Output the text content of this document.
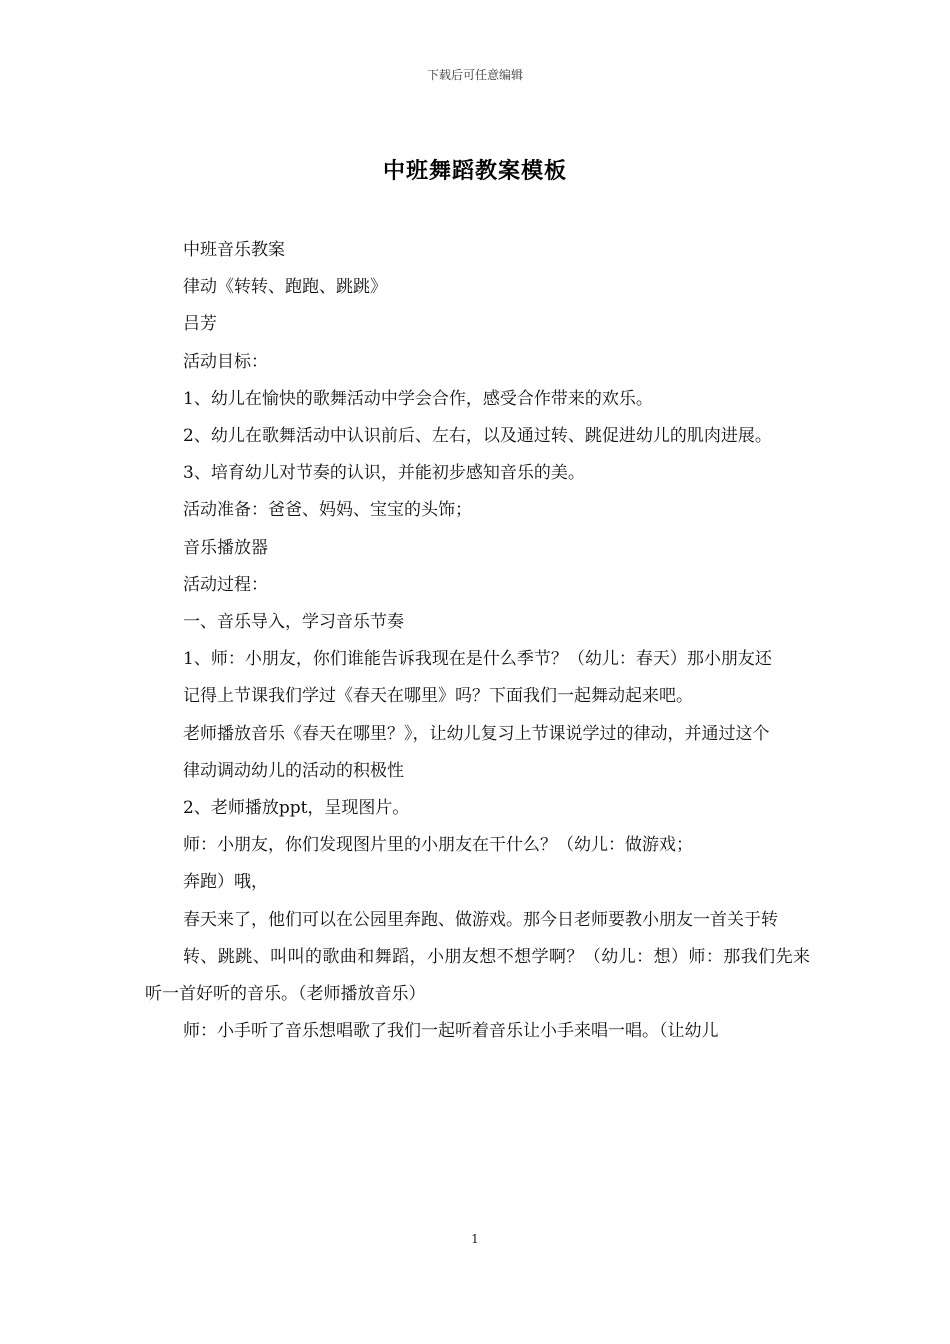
下载后可任意编辑
中班舞蹈教案模板

中班音乐教案

律动《转转、跑跑、跳跳》

吕芳

活动目标：

1、幼儿在愉快的歌舞活动中学会合作，感受合作带来的欢乐。

2、幼儿在歌舞活动中认识前后、左右，以及通过转、跳促进幼儿的肌肉进展。

3、培育幼儿对节奏的认识，并能初步感知音乐的美。

活动准备：爸爸、妈妈、宝宝的头饰；

音乐播放器

活动过程：

一、音乐导入，学习音乐节奏

1、师：小朋友，你们谁能告诉我现在是什么季节？（幼儿：春天）那小朋友还

记得上节课我们学过《春天在哪里》吗？下面我们一起舞动起来吧。

老师播放音乐《春天在哪里？》，让幼儿复习上节课说学过的律动，并通过这个

律动调动幼儿的活动的积极性

2、老师播放ppt，呈现图片。

师：小朋友，你们发现图片里的小朋友在干什么？（幼儿：做游戏；

奔跑）哦，

春天来了，他们可以在公园里奔跑、做游戏。那今日老师要教小朋友一首关于转

转、跳跳、叫叫的歌曲和舞蹈，小朋友想不想学啊？（幼儿：想）师：那我们先来听一首好听的音乐。（老师播放音乐）

师：小手听了音乐想唱歌了我们一起听着音乐让小手来唱一唱。（让幼儿

1
